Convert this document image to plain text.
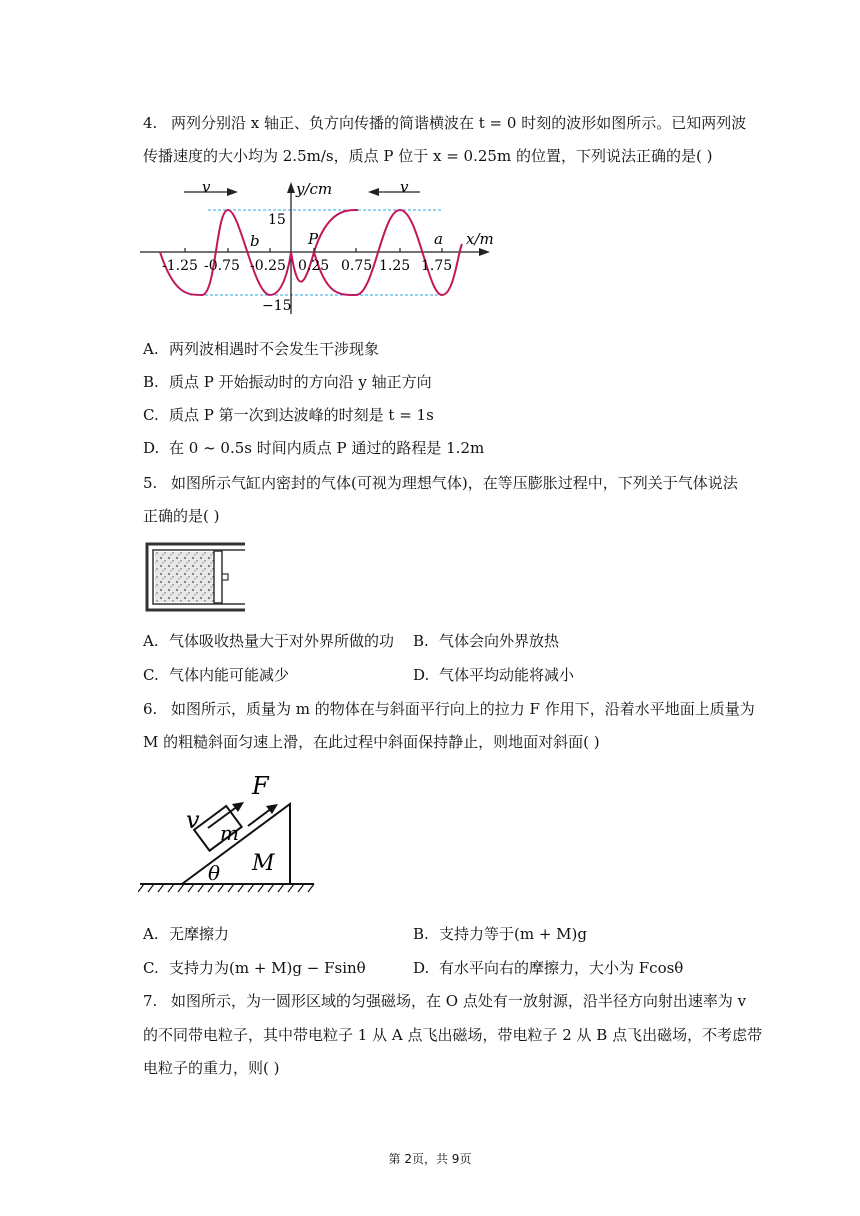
4. 两列分别沿 x 轴正、负方向传播的简谐横波在 t = 0 时刻的波形如图所示。已知两列波
传播速度的大小均为 2.5m/s，质点 P 位于 x = 0.25m 的位置，下列说法正确的是( )
v	v
y/cm
x/m
15
−15
b	P	a
-1.25 -0.75 -0.25 0.25 0.75 1.25 1.75
A. 两列波相遇时不会发生干涉现象
B. 质点 P 开始振动时的方向沿 y 轴正方向
C. 质点 P 第一次到达波峰的时刻是 t = 1s
D. 在 0 ~ 0.5s 时间内质点 P 通过的路程是 1.2m
5. 如图所示气缸内密封的气体(可视为理想气体)，在等压膨胀过程中，下列关于气体说法
正确的是( )
A. 气体吸收热量大于对外界所做的功 B. 气体会向外界放热
C. 气体内能可能减少	D. 气体平均动能将减小
6. 如图所示，质量为 m 的物体在与斜面平行向上的拉力 F 作用下，沿着水平地面上质量为
M 的粗糙斜面匀速上滑，在此过程中斜面保持静止，则地面对斜面( )
F
v m
M
θ
A. 无摩擦力	B. 支持力等于(m + M)g
C. 支持力为(m + M)g − Fsinθ	D. 有水平向右的摩擦力，大小为 Fcosθ
7. 如图所示，为一圆形区域的匀强磁场，在 O 点处有一放射源，沿半径方向射出速率为 v
的不同带电粒子，其中带电粒子 1 从 A 点飞出磁场，带电粒子 2 从 B 点飞出磁场，不考虑带
电粒子的重力，则( )
第 2页，共 9页
